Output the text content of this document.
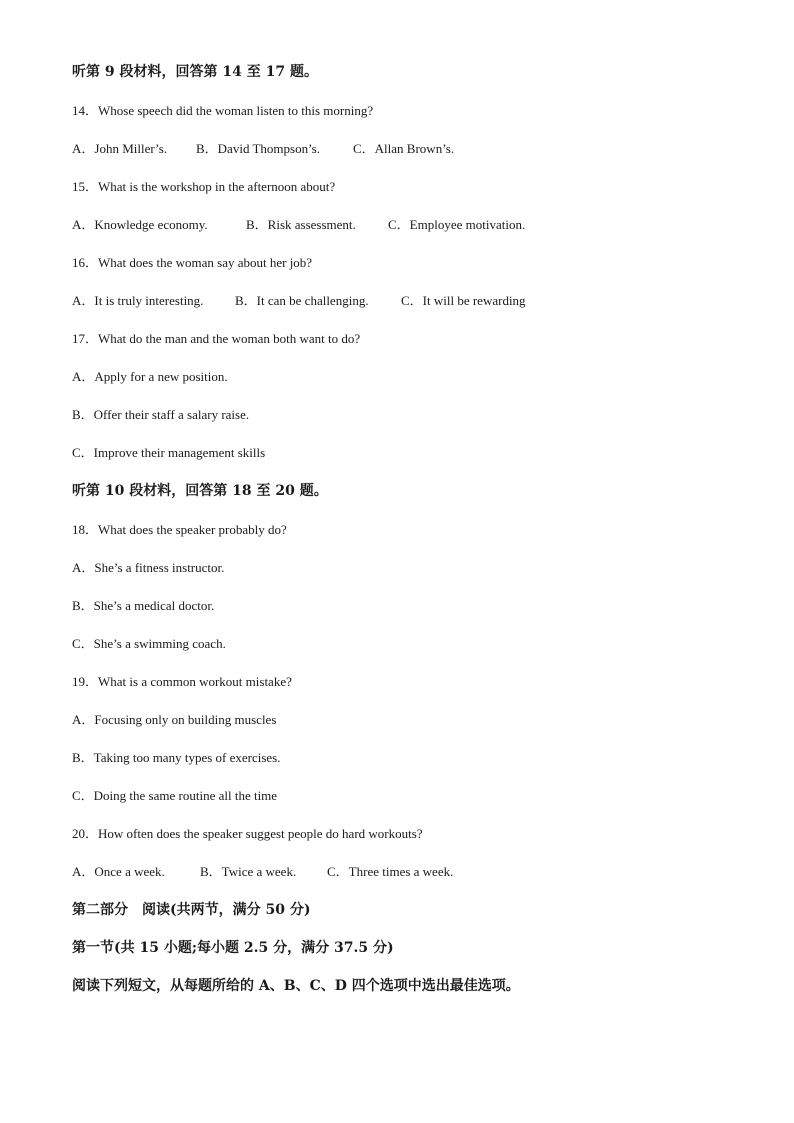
听第 9 段材料，回答第 14 至 17 题。
14．Whose speech did the woman listen to this morning?
A．John Miller’s. B．David Thompson’s.	C．Allan Brown’s.
15．What is the workshop in the afternoon about?
A．Knowledge economy.	B．Risk assessment. C．Employee motivation.
16．What does the woman say about her job?
A．It is truly interesting. B．It can be challenging. C．It will be rewarding
17．What do the man and the woman both want to do?
A．Apply for a new position.
B．Offer their staff a salary raise.
C．Improve their management skills
听第 10 段材料，回答第 18 至 20 题。
18．What does the speaker probably do?
A．She’s a fitness instructor.
B．She’s a medical doctor.
C．She’s a swimming coach.
19．What is a common workout mistake?
A．Focusing only on building muscles
B．Taking too many types of exercises.
C．Doing the same routine all the time
20．How often does the speaker suggest people do hard workouts?
A．Once a week.	B．Twice a week. C．Three times a week.
第二部分　阅读(共两节，满分 50 分)
第一节(共 15 小题;每小题 2.5 分，满分 37.5 分)
阅读下列短文，从每题所给的 A、B、C、D 四个选项中选出最佳选项。
